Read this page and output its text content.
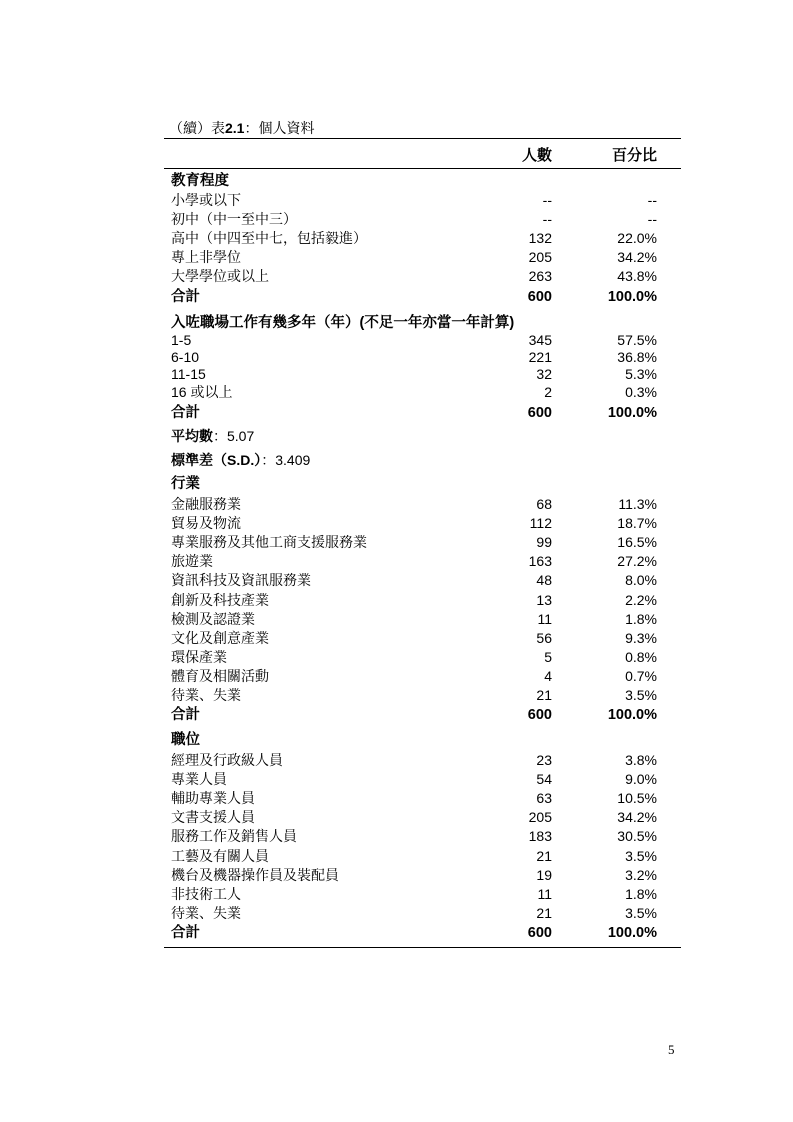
（續）表2.1：個人資料
人數	百分比
教育程度
小學或以下	--	--
初中（中一至中三）	--	--
高中（中四至中七，包括毅進）	132	22.0%
專上非學位	205	34.2%
大學學位或以上	263	43.8%
合計	600	100.0%
入咗職場工作有幾多年（年）(不足一年亦當一年計算)
1-5	345	57.5%
6-10	221	36.8%
11-15	32	5.3%
16 或以上	2	0.3%
合計	600	100.0%
平均數：5.07
標準差（S.D.）：3.409
行業
金融服務業	68	11.3%
貿易及物流	112	18.7%
專業服務及其他工商支援服務業	99	16.5%
旅遊業	163	27.2%
資訊科技及資訊服務業	48	8.0%
創新及科技產業	13	2.2%
檢測及認證業	11	1.8%
文化及創意產業	56	9.3%
環保產業	5	0.8%
體育及相關活動	4	0.7%
待業、失業	21	3.5%
合計	600	100.0%
職位
經理及行政級人員	23	3.8%
專業人員	54	9.0%
輔助專業人員	63	10.5%
文書支援人員	205	34.2%
服務工作及銷售人員	183	30.5%
工藝及有關人員	21	3.5%
機台及機器操作員及裝配員	19	3.2%
非技術工人	11	1.8%
待業、失業	21	3.5%
合計	600	100.0%
5
